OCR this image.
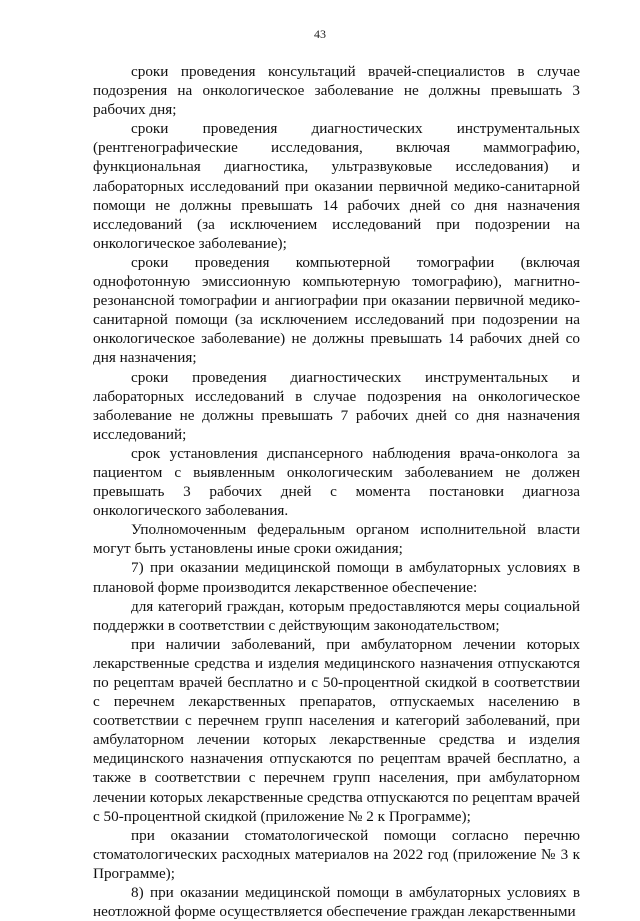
43

сроки проведения консультаций врачей-специалистов в случае подозрения на онкологическое заболевание не должны превышать 3 рабочих дня;

сроки проведения диагностических инструментальных (рентгенографические исследования, включая маммографию, функциональная диагностика, ультразвуковые исследования) и лабораторных исследований при оказании первичной медико-санитарной помощи не должны превышать 14 рабочих дней со дня назначения исследований (за исключением исследований при подозрении на онкологическое заболевание);

сроки проведения компьютерной томографии (включая однофотонную эмиссионную компьютерную томографию), магнитно-резонансной томографии и ангиографии при оказании первичной медико-санитарной помощи (за исключением исследований при подозрении на онкологическое заболевание) не должны превышать 14 рабочих дней со дня назначения;

сроки проведения диагностических инструментальных и лабораторных исследований в случае подозрения на онкологическое заболевание не должны превышать 7 рабочих дней со дня назначения исследований;

срок установления диспансерного наблюдения врача-онколога за пациентом с выявленным онкологическим заболеванием не должен превышать 3 рабочих дней с момента постановки диагноза онкологического заболевания.

Уполномоченным федеральным органом исполнительной власти могут быть установлены иные сроки ожидания;

7) при оказании медицинской помощи в амбулаторных условиях в плановой форме производится лекарственное обеспечение:

для категорий граждан, которым предоставляются меры социальной поддержки в соответствии с действующим законодательством;

при наличии заболеваний, при амбулаторном лечении которых лекарственные средства и изделия медицинского назначения отпускаются по рецептам врачей бесплатно и с 50-процентной скидкой в соответствии с перечнем лекарственных препаратов, отпускаемых населению в соответствии с перечнем групп населения и категорий заболеваний, при амбулаторном лечении которых лекарственные средства и изделия медицинского назначения отпускаются по рецептам врачей бесплатно, а также в соответствии с перечнем групп населения, при амбулаторном лечении которых лекарственные средства отпускаются по рецептам врачей с 50-процентной скидкой (приложение № 2 к Программе);

при оказании стоматологической помощи согласно перечню стоматологических расходных материалов на 2022 год (приложение № 3 к Программе);

8) при оказании медицинской помощи в амбулаторных условиях в неотложной форме осуществляется обеспечение граждан лекарственными
